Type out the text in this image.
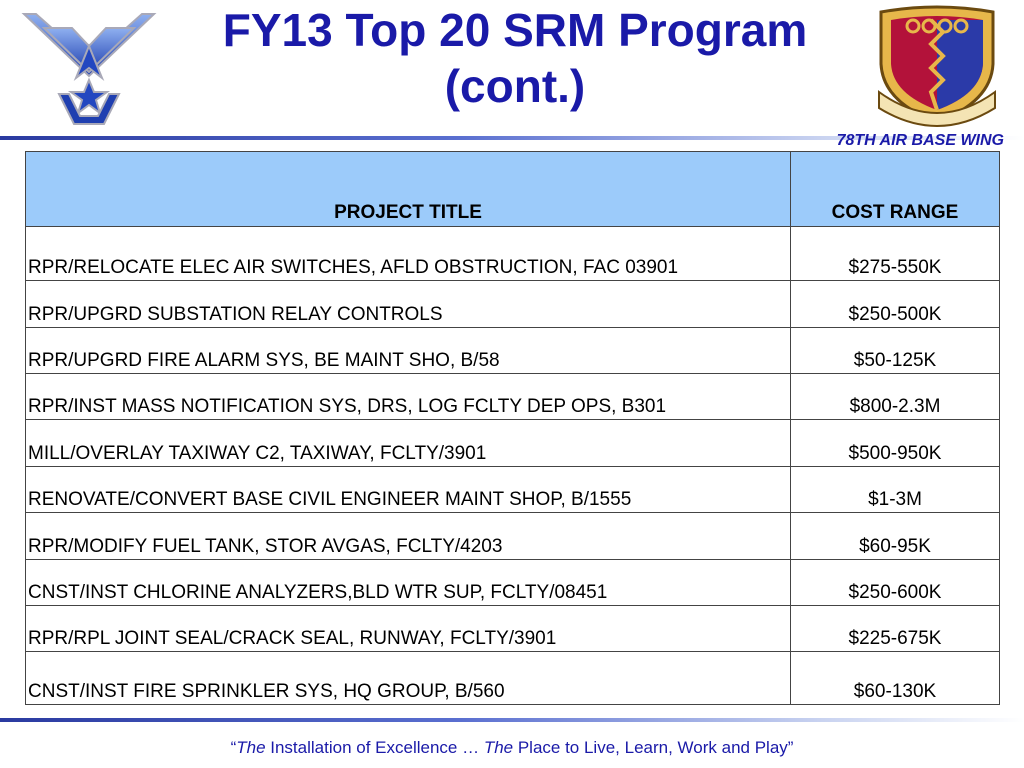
FY13 Top 20 SRM Program
(cont.)
78TH AIR BASE WING
PROJECT TITLE	COST RANGE
RPR/RELOCATE ELEC AIR SWITCHES, AFLD OBSTRUCTION, FAC 03901	$275-550K
RPR/UPGRD SUBSTATION RELAY CONTROLS	$250-500K
RPR/UPGRD FIRE ALARM SYS, BE MAINT SHO, B/58	$50-125K
RPR/INST MASS NOTIFICATION SYS, DRS, LOG FCLTY DEP OPS, B301	$800-2.3M
MILL/OVERLAY TAXIWAY C2, TAXIWAY, FCLTY/3901	$500-950K
RENOVATE/CONVERT BASE CIVIL ENGINEER MAINT SHOP, B/1555	$1-3M
RPR/MODIFY FUEL TANK, STOR AVGAS, FCLTY/4203	$60-95K
CNST/INST CHLORINE ANALYZERS,BLD WTR SUP, FCLTY/08451	$250-600K
RPR/RPL JOINT SEAL/CRACK SEAL, RUNWAY, FCLTY/3901	$225-675K
CNST/INST FIRE SPRINKLER SYS, HQ GROUP, B/560	$60-130K
“The Installation of Excellence … The Place to Live, Learn, Work and Play”
